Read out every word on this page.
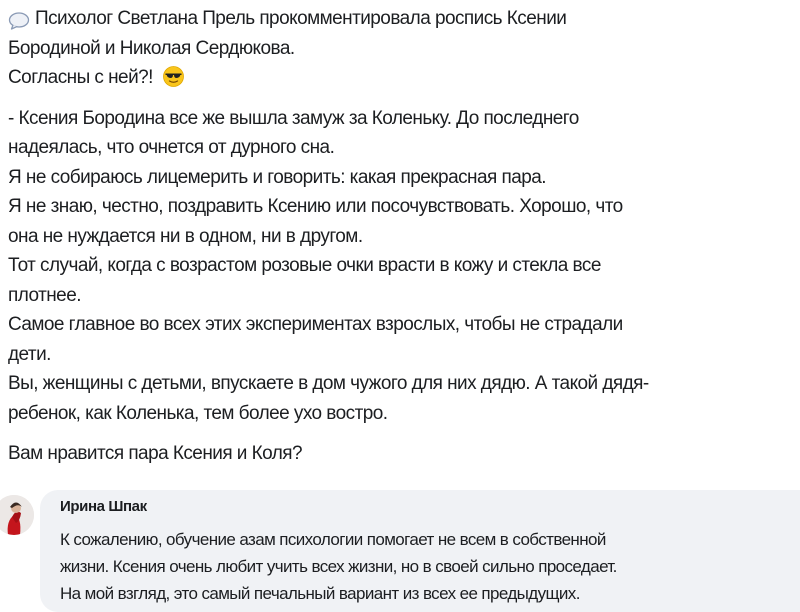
Психолог Светлана Прель прокомментировала роспись Ксении
Бородиной и Николая Сердюкова.
Согласны с ней?!
- Ксения Бородина все же вышла замуж за Коленьку. До последнего
надеялась, что очнется от дурного сна.
Я не собираюсь лицемерить и говорить: какая прекрасная пара.
Я не знаю, честно, поздравить Ксению или посочувствовать. Хорошо, что
она не нуждается ни в одном, ни в другом.
Тот случай, когда с возрастом розовые очки врасти в кожу и стекла все
плотнее.
Самое главное во всех этих экспериментах взрослых, чтобы не страдали
дети.
Вы, женщины с детьми, впускаете в дом чужого для них дядю. А такой дядя-
ребенок, как Коленька, тем более ухо востро.
Вам нравится пара Ксения и Коля?
Ирина Шпак
К сожалению, обучение азам психологии помогает не всем в собственной
жизни. Ксения очень любит учить всех жизни, но в своей сильно проседает.
На мой взгляд, это самый печальный вариант из всех ее предыдущих.
